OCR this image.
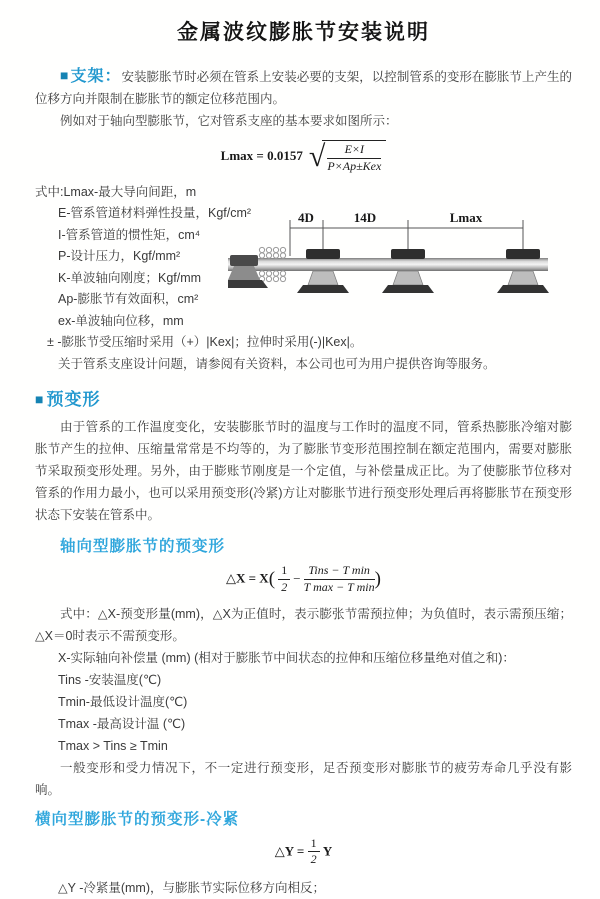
金属波纹膨胀节安装说明

■ 支架：安装膨胀节时必须在管系上安装必要的支架，以控制管系的变形在膨胀节上产生的位移方向并限制在膨胀节的额定位移范围内。

例如对于轴向型膨胀节，它对管系支座的基本要求如图所示：

Lmax = 0.0157 √ $\frac{E\times I}{\text{P×Ap±Kex}}$
式中:Lmax-最大导向间距，m
E-管系管道材料弹性投量，Kgf/cm²
I-管系管道的惯性矩，cm⁴
P-设计压力，Kgf/mm²
K-单波轴向刚度；Kgf/mm
Ap-膨胀节有效面积，cm²
ex-单波轴向位移，mm
± -膨胀节受压缩时采用（+）|Kex|；拉伸时采用(-)|Kex|。
关于管系支座设计问题，请参阅有关资料，本公司也可为用户提供咨询等服务。
4D	14D	Lmax
■ 预变形

由于管系的工作温度变化，安装膨胀节时的温度与工作时的温度不同，管系热膨胀冷缩对膨胀节产生的拉伸、压缩量常常是不均等的，为了膨胀节变形范围控制在额定范围内，需要对膨胀节采取预变形处理。另外，由于膨账节刚度是一个定值，与补偿量成正比。为了使膨胀节位移对管系的作用力最小，也可以采用预变形(冷紧)方让对膨胀节进行预变形处理后再将膨胀节在预变形状态下安装在管系中。

轴向型膨胀节的预变形
△X = $X( \frac{1}{2} - \frac{\text{Tins − T min}}{\text{T max − T min}}$ )

式中：△X-预变形量(mm)，△X为正值时，表示膨张节需预拉伸；为负值时，表示需预压缩；△X＝0时表示不需预变形。

X-实际轴向补偿量 (mm) (相对于膨胀节中间状态的拉伸和压缩位移量绝对值之和)：
Tins -安装温度(℃)
Tmin-最低设计温度(℃)
Tmax -最高设计温 (℃)
Tmax > Tins ≥ Tmin

一般变形和受力情况下，不一定进行预变形，足否预变形对膨胀节的疲劳寿命几乎没有影响。

横向型膨胀节的预变形-冷紧
△Y = $\frac{1}{2}$ Y
△Y -冷紧量(mm)，与膨胀节实际位移方向相反；
